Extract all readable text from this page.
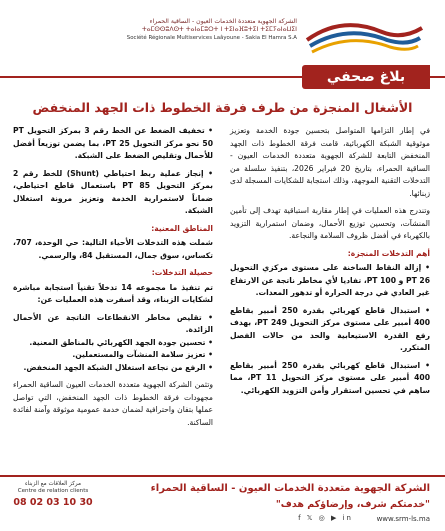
الشركة الجهوية متعددة الخدمات العيون - الساقية الحمراء
ⵜⴰⵎⵙⵙⵓⴷⵙⵜ ⵜⴰⵏⴰⵎⵓⵔⵜ ⵏ ⵜⵉⵏⴰⴼⵓⵜⵉⵏ ⵜⵉⵎⵢⴰⵏⴰⵡⵉⵏ
Société Régionale Multiservices Laâyoune - Sakia El Hamra S.A
بلاغ صحفي
الأشغال المنجزة من طرف فرقة الخطوط ذات الجهد المنخفض

في إطار التزامها المتواصل بتحسين جودة الخدمة وتعزيز موثوقية الشبكة الكهربائية، قامت فرقة الخطوط ذات الجهد المنخفض التابعة للشركة الجهوية متعددة الخدمات العيون - الساقية الحمراء، بتاريخ 20 فبراير 2026، بتنفيذ سلسلة من التدخلات التقنية الموجهة، وذلك استجابة للشكايات المسجلة لدى زبنائها.

وتندرج هذه العمليات في إطار مقاربة استباقية تهدف إلى تأمين المنشآت، وتحسين توزيع الأحمال، وضمان استمرارية التزويد بالكهرباء في أفضل ظروف السلامة والنجاعة.

أهم التدخلات المنجزة:

• إزالة النقاط الساخنة على مستوى مركزي التحويل PT 26 و PT 100، تفاديا لأي مخاطر ناتجة عن الارتفاع غير العادي في درجة الحرارة أو تدهور المعدات.

• استبدال قاطع كهربائي بقدرة 250 أمبير بقاطع 400 أمبير على مستوى مركز التحويل PT 249، بهدف رفع القدرة الاستيعابية والحد من حالات الفصل المتكرر.

• استبدال قاطع كهربائي بقدرة 250 أمبير بقاطع 400 أمبير على مستوى مركز التحويل PT 11، مما ساهم في تحسين استقرار وأمن التزويد الكهربائي.

• تخفيف الضغط عن الخط رقم 3 بمركز التحويل PT 50 نحو مركز التحويل PT 25، بما يضمن توزيعاً أفضل للأحمال وتقليص الضغط على الشبكة.

• إنجاز عملية ربط احتياطي (Shunt) للخط رقم 2 بمركز التحويل PT 85 باستعمال قاطع احتياطي، ضماناً لاستمرارية الخدمة وتعزيز مرونة استغلال الشبكة.

المناطق المعنية:

شملت هذه التدخلات الأحياء التالية: حي الوحدة، 707، تكساس، سوق جمال، المستقبل 84، والرسمي.

حصيلة التدخلات:

تم تنفيذ ما مجموعه 14 تدخلاً تقنياً استجابة مباشرة لشكايات الزبناء، وقد أسفرت هذه العمليات عن:

• تقليص مخاطر الانقطاعات الناتجة عن الأحمال الزائدة.
• تحسين جودة الجهد الكهربائي بالمناطق المعنية.
• تعزيز سلامة المنشآت والمستعملين.
• الرفع من نجاعة استغلال الشبكة الجهد المنخفض.

وتثمن الشركة الجهوية متعددة الخدمات العيون الساقية الحمراء مجهودات فرقة الخطوط ذات الجهد المنخفض، التي تواصل عملها بتفان واحترافية لضمان خدمة عمومية موثوقة وآمنة لفائدة الساكنة.

الشركة الجهوية متعددة الخدمات العيون - الساقية الحمراء
"خدمتكم شرف، وإرضاؤكم هدف"
f 𝕏 ◎ ▶ in	www.srm-ls.ma
مركز العلاقات مع الزبناء
Centre de relation clients
08 02 03 10 30
